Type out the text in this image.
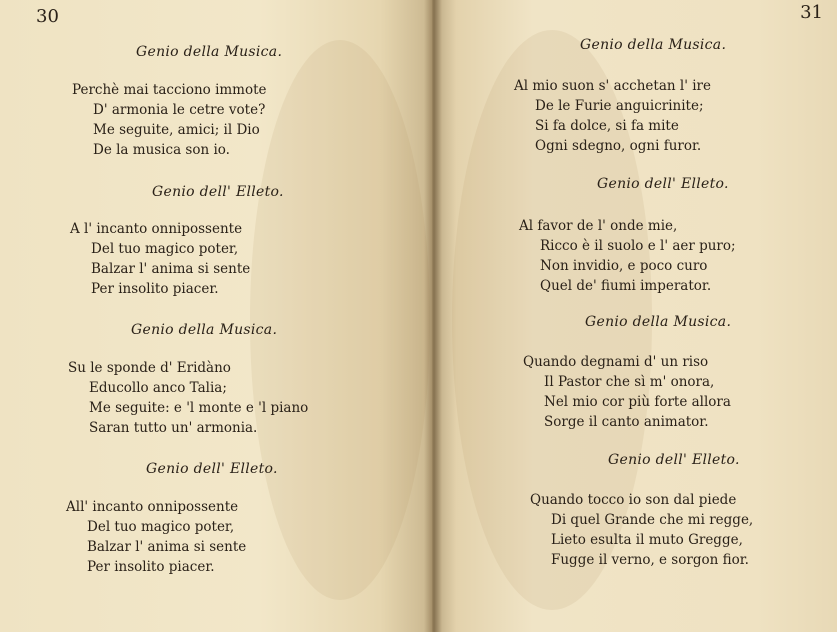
30
Genio della Musica.
Perchè mai tacciono immote
D' armonia le cetre vote?
Me seguite, amici; il Dio
De la musica son io.
Genio dell' Elleto.
A l' incanto onnipossente
Del tuo magico poter,
Balzar l' anima si sente
Per insolito piacer.
Genio della Musica.
Su le sponde d' Eridàno
Educollo anco Talia;
Me seguite: e 'l monte e 'l piano
Saran tutto un' armonia.
Genio dell' Elleto.
All' incanto onnipossente
Del tuo magico poter,
Balzar l' anima si sente
Per insolito piacer.
31
Genio della Musica.
Al mio suon s' acchetan l' ire
De le Furie anguicrinite;
Si fa dolce, si fa mite
Ogni sdegno, ogni furor.
Genio dell' Elleto.
Al favor de l' onde mie,
Ricco è il suolo e l' aer puro;
Non invidio, e poco curo
Quel de' fiumi imperator.
Genio della Musica.
Quando degnami d' un riso
Il Pastor che sì m' onora,
Nel mio cor più forte allora
Sorge il canto animator.
Genio dell' Elleto.
Quando tocco io son dal piede
Di quel Grande che mi regge,
Lieto esulta il muto Gregge,
Fugge il verno, e sorgon fior.
